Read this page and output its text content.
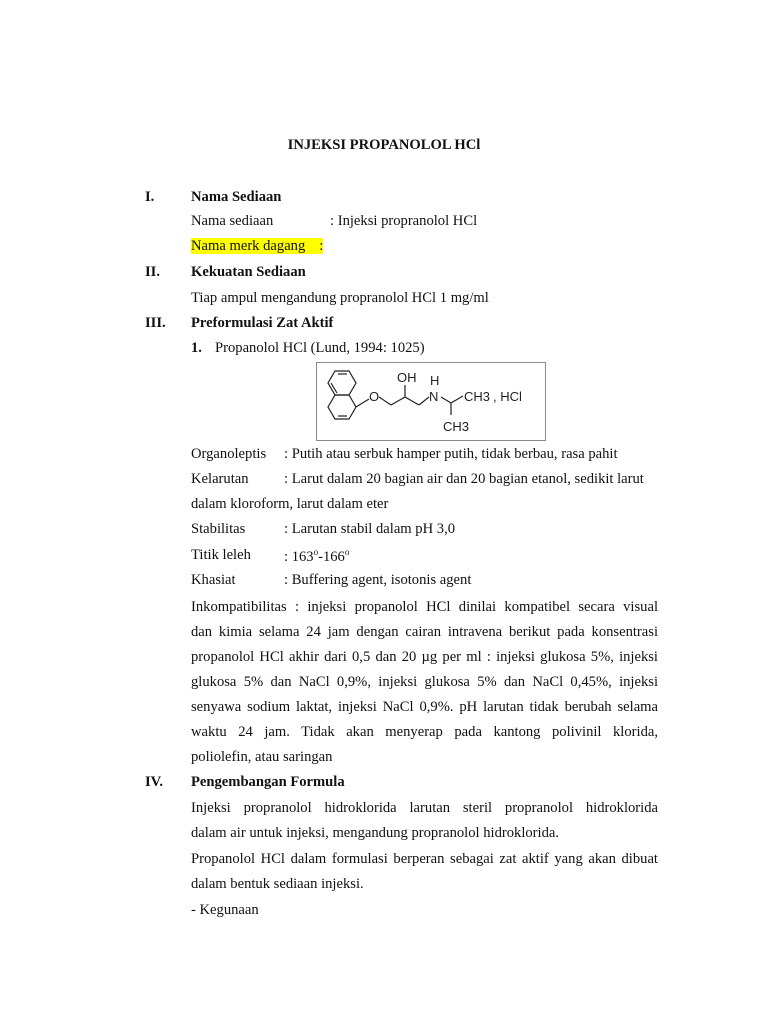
INJEKSI PROPANOLOL HCl
I.	Nama Sediaan
Nama sediaan	: Injeksi propranolol HCl
Nama merk dagang :
II. Kekuatan Sediaan
Tiap ampul mengandung propranolol HCl 1 mg/ml
III. Preformulasi Zat Aktif
1. Propanolol HCl (Lund, 1994: 1025)
O
OH H
N CH3
CH3
, HCl
Organoleptis : Putih atau serbuk hamper putih, tidak berbau, rasa pahit
Kelarutan : Larut dalam 20 bagian air dan 20 bagian etanol, sedikit larut
dalam kloroform, larut dalam eter
Stabilitas	: Larutan stabil dalam pH 3,0
Titik leleh : 163$^o$-166$^o$
Khasiat	: Buffering agent, isotonis agent
Inkompatibilitas : injeksi propanolol HCl dinilai kompatibel secara visual
dan kimia selama 24 jam dengan cairan intravena berikut pada konsentrasi
propanolol HCl akhir dari 0,5 dan 20 µg per ml : injeksi glukosa 5%, injeksi
glukosa 5% dan NaCl 0,9%, injeksi glukosa 5% dan NaCl 0,45%, injeksi
senyawa sodium laktat, injeksi NaCl 0,9%. pH larutan tidak berubah selama
waktu 24 jam. Tidak akan menyerap pada kantong polivinil klorida,
poliolefin, atau saringan
IV. Pengembangan Formula
Injeksi propranolol hidroklorida larutan steril propranolol hidroklorida
dalam air untuk injeksi, mengandung propranolol hidroklorida.
Propanolol HCl dalam formulasi berperan sebagai zat aktif yang akan dibuat
dalam bentuk sediaan injeksi.
- Kegunaan
